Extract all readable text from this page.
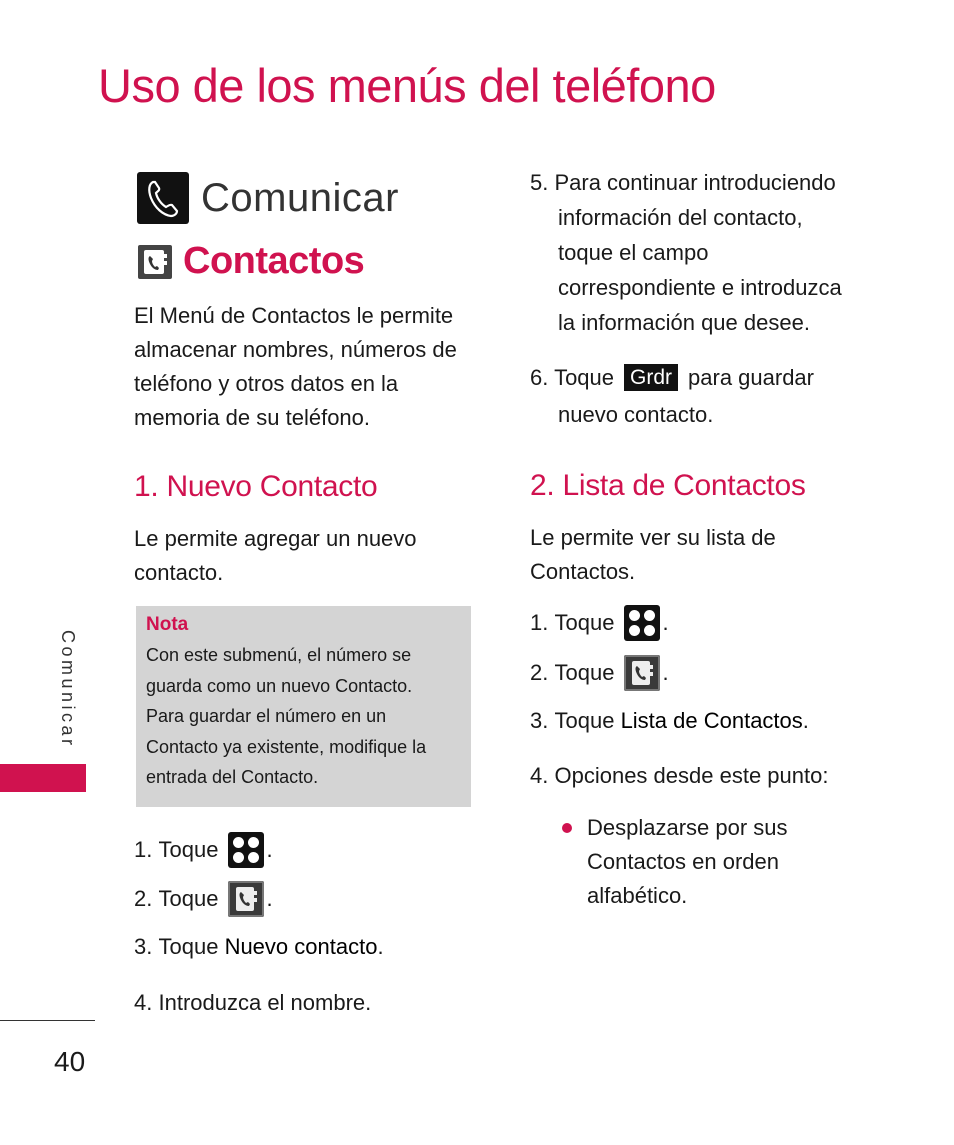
Uso de los menús del teléfono
Comunicar
Contactos
El Menú de Contactos le permite almacenar nombres, números de teléfono y otros datos en la memoria de su teléfono.
1. Nuevo Contacto
Le permite agregar un nuevo contacto.
Nota
Con este submenú, el número se
guarda como un nuevo Contacto.
Para guardar el número en un
Contacto ya existente, modifique la
entrada del Contacto.
1.
Toque .
2.
Toque .
3.
Toque
Nuevo contacto .
4.
Introduzca el nombre.
5. Para continuar introduciendo
información del contacto,
toque el campo
correspondiente e introduzca
la información que desee.
6. Toque Grdr para guardar
nuevo contacto.
2. Lista de Contactos
Le permite ver su lista de Contactos.
1.
Toque .
2.
Toque .
3.
Toque
Lista de Contactos .
4.
Opciones desde este punto:
Desplazarse por sus Contactos en orden alfabético.
Comunicar
40
